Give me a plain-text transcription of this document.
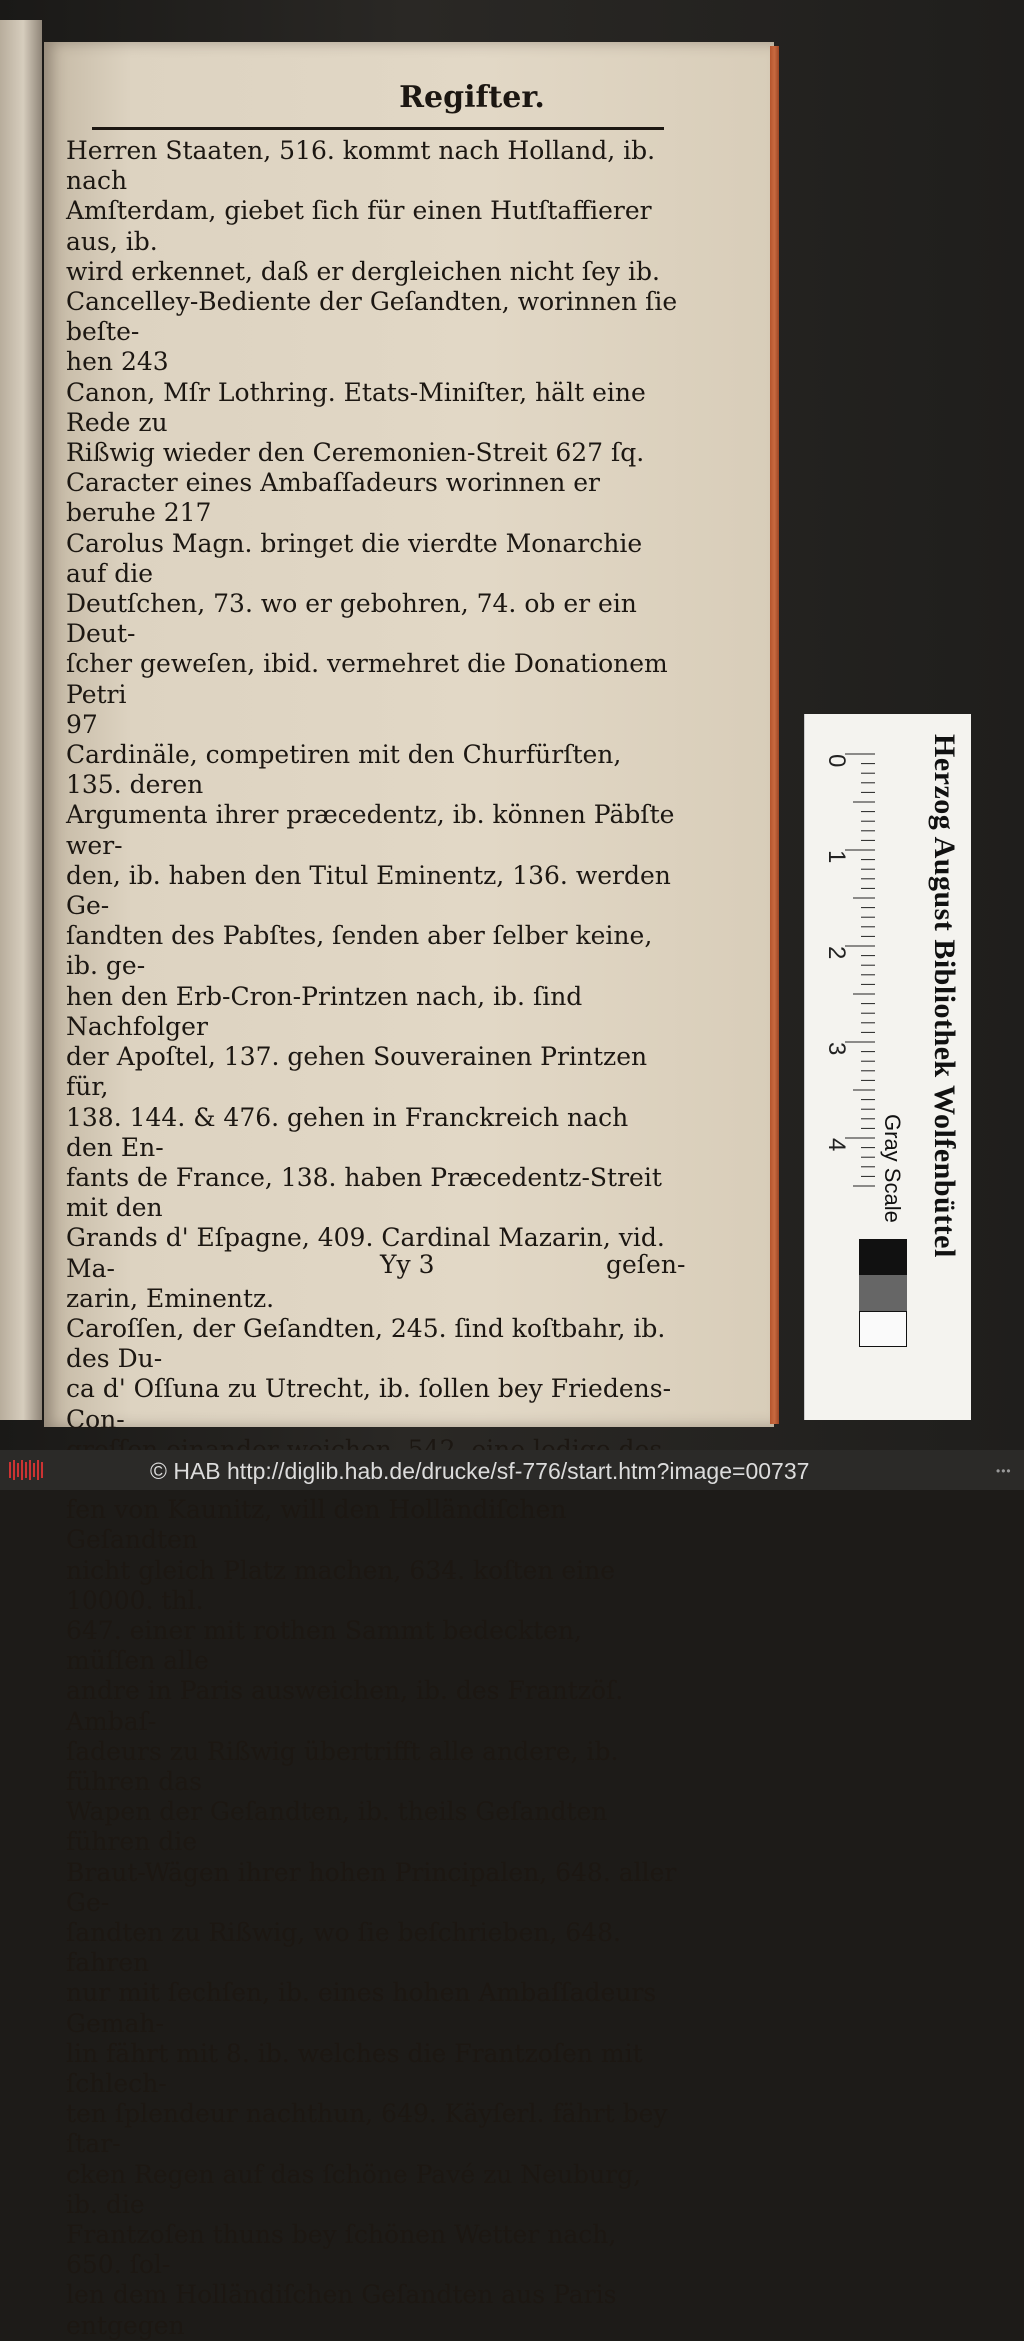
Regifter.
Herren Staaten, 516. kommt nach Holland, ib. nach
Amſterdam, giebet ſich für einen Hutſtaffierer aus, ib.
wird erkennet, daß er dergleichen nicht ſey ib.
Cancelley-Bediente der Geſandten, worinnen ſie beſte-
hen 243
Canon, Mſr Lothring. Etats-Miniſter, hält eine Rede zu
Rißwig wieder den Ceremonien-Streit 627 ſq.
Caracter eines Ambaſſadeurs worinnen er beruhe 217
Carolus Magn. bringet die vierdte Monarchie auf die
Deutſchen, 73. wo er gebohren, 74. ob er ein Deut-
ſcher geweſen, ibid. vermehret die Donationem Petri
97
Cardinäle, competiren mit den Churfürſten, 135. deren
Argumenta ihrer præcedentz, ib. können Päbſte wer-
den, ib. haben den Titul Eminentz, 136. werden Ge-
ſandten des Pabſtes, ſenden aber ſelber keine, ib. ge-
hen den Erb-Cron-Printzen nach, ib. ſind Nachfolger
der Apoſtel, 137. gehen Souverainen Printzen für,
138. 144. & 476. gehen in Franckreich nach den En-
fants de France, 138. haben Præcedentz-Streit mit den
Grands d' Eſpagne, 409. Cardinal Mazarin, vid. Ma-
zarin, Eminentz.
Caroſſen, der Geſandten, 245. ſind koſtbahr, ib. des Du-
ca d' Oſſuna zu Utrecht, ib. ſollen bey Friedens-Con-
fen von Kaunitz, will den Holländiſchen Geſandten
nicht gleich Platz machen, 634. koſten eine 10000. thl.
647. einer mit rothen Sammt bedeckten, müſſen alle
andre in Paris ausweichen, ib. des Frantzöſ. Ambaſ-
ſadeurs zu Rißwig übertrifft alle andere, ib. führen das
Wapen der Geſandten, ib. theils Geſandten führen die
Braut-Wägen ihrer hohen Principalen, 648. aller Ge-
ſandten zu Rißwig, wo ſie beſchrieben, 648. fahren
nur mit ſechſen, ib. eines hohen Ambaſſadeurs Gemah-
lin fährt mit 8. ib. welches die Frantzoſen mit ſchlech-
ten ſplendeur nachthun, 649. Käyſerl. fährt bey ſtar-
cken Regen auf das ſchöne Pavé zu Neuburg, ib. die
Frantzoſen thuns bey ſchönen Wetter nach, 650. ſol-
len dem Holländiſchen Geſandten aus Paris entgegen
Yy 3	geſen-
0
1
2
3
4	Herzog August Bibliothek Wolfenbüttel
Gray Scale
© HAB http://diglib.hab.de/drucke/sf-776/start.htm?image=00737	•••
